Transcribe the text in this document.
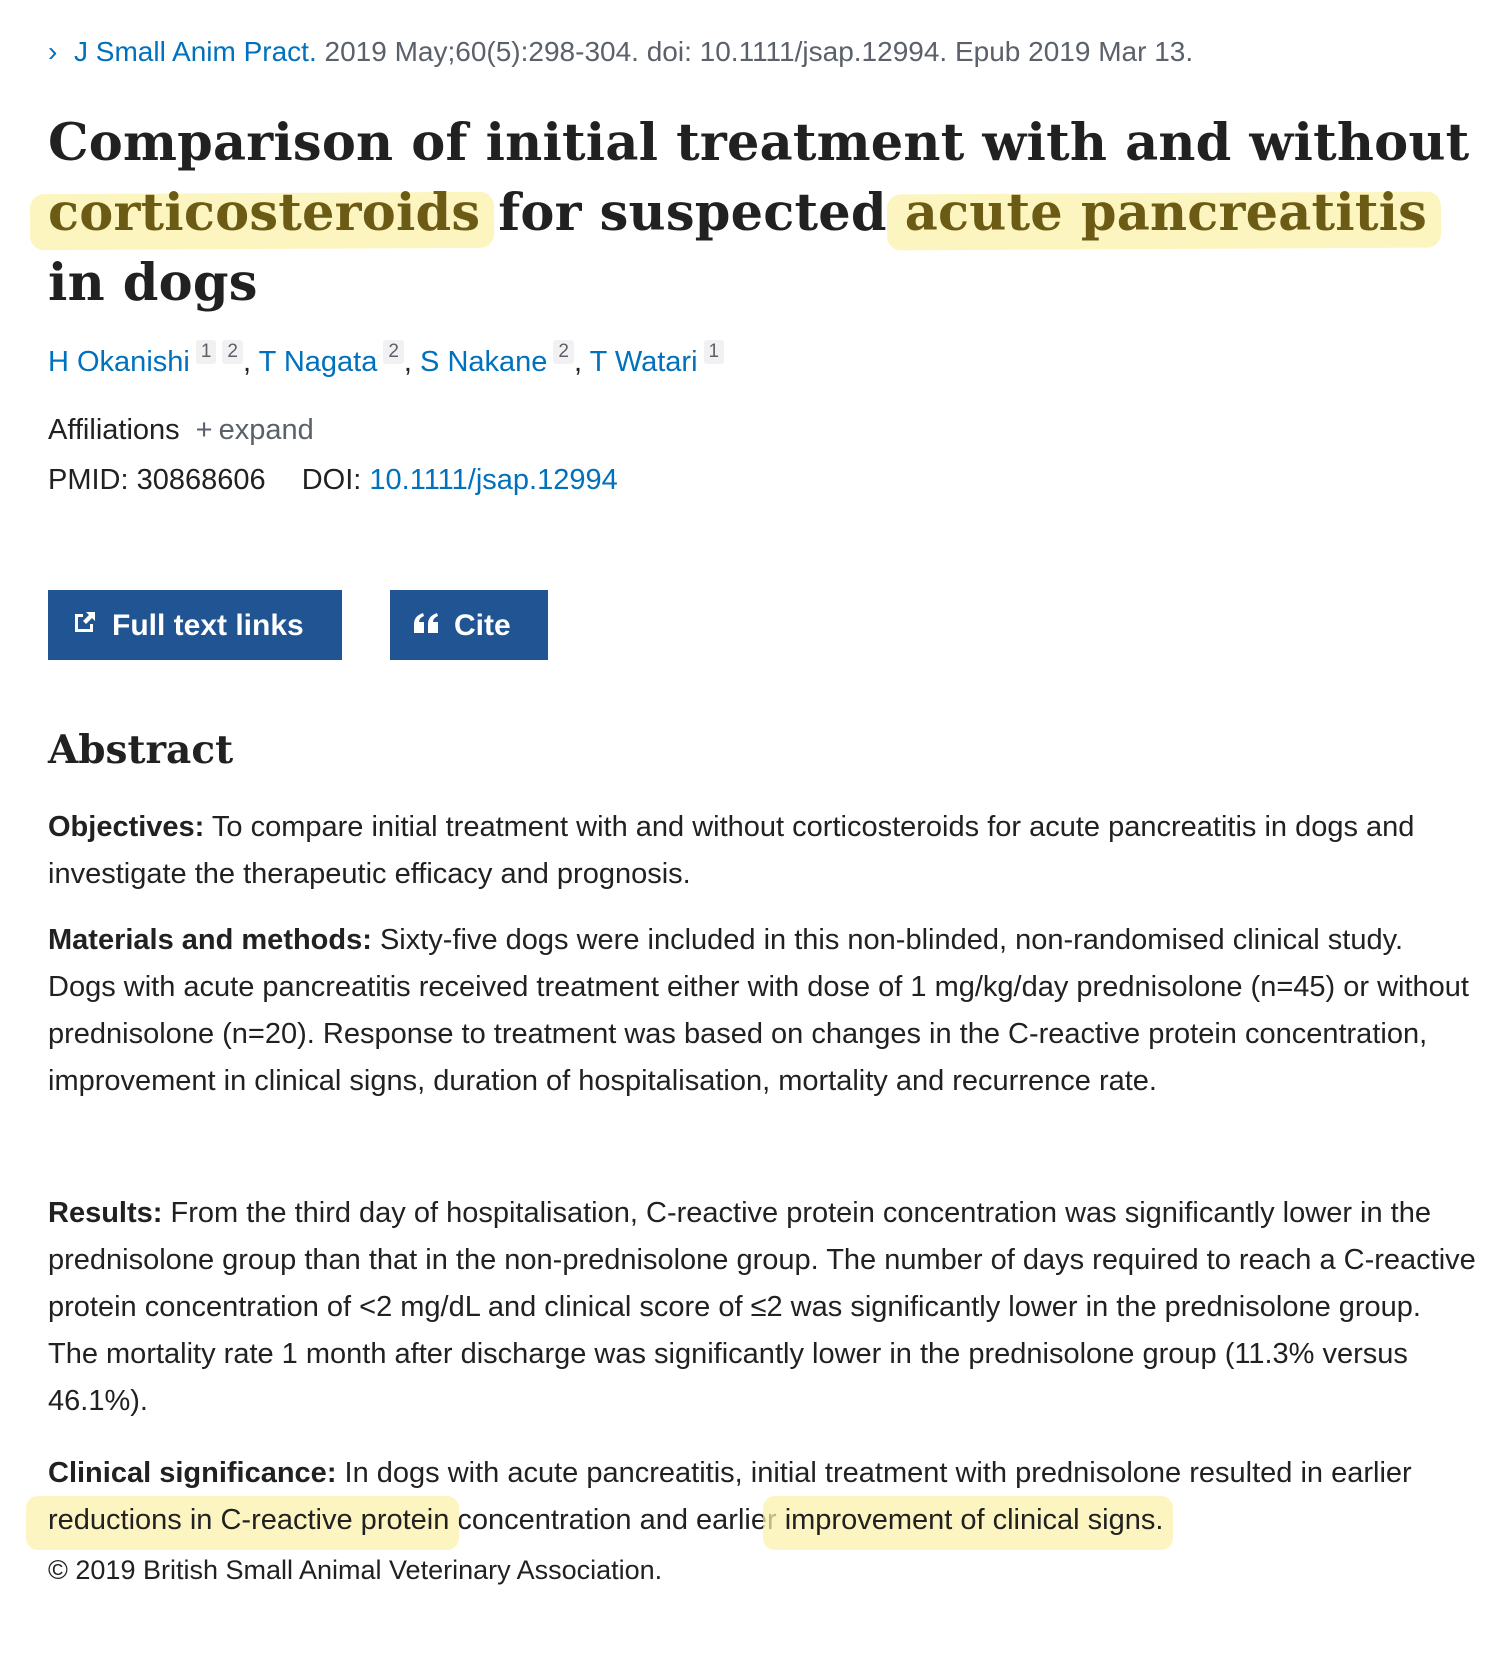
› J Small Anim Pract. 2019 May;60(5):298-304. doi: 10.1111/jsap.12994. Epub 2019 Mar 13.
Comparison of initial treatment with and without
corticosteroids for suspected acute pancreatitis in dogs
H Okanishi 1 2 , T Nagata 2 , S Nakane 2 , T Watari 1
Affiliations + expand
PMID: 30868606 DOI: 10.1111/jsap.12994
Full text links	Cite
Abstract

Objectives: To compare initial treatment with and without corticosteroids for acute pancreatitis in dogs and investigate the therapeutic efficacy and prognosis.

Materials and methods: Sixty-five dogs were included in this non-blinded, non-randomised clinical study. Dogs with acute pancreatitis received treatment either with dose of 1 mg/kg/day prednisolone (n=45) or without prednisolone (n=20). Response to treatment was based on changes in the C-reactive protein concentration, improvement in clinical signs, duration of hospitalisation, mortality and recurrence rate.

Results: From the third day of hospitalisation, C-reactive protein concentration was significantly lower in the prednisolone group than that in the non-prednisolone group. The number of days required to reach a C-reactive protein concentration of <2 mg/dL and clinical score of ≤2 was significantly lower in the prednisolone group. The mortality rate 1 month after discharge was significantly lower in the prednisolone group (11.3% versus 46.1%).

Clinical significance: In dogs with acute pancreatitis, initial treatment with prednisolone resulted in earlier reductions in C-reactive protein concentration and earlier improvement of clinical signs.

© 2019 British Small Animal Veterinary Association.
